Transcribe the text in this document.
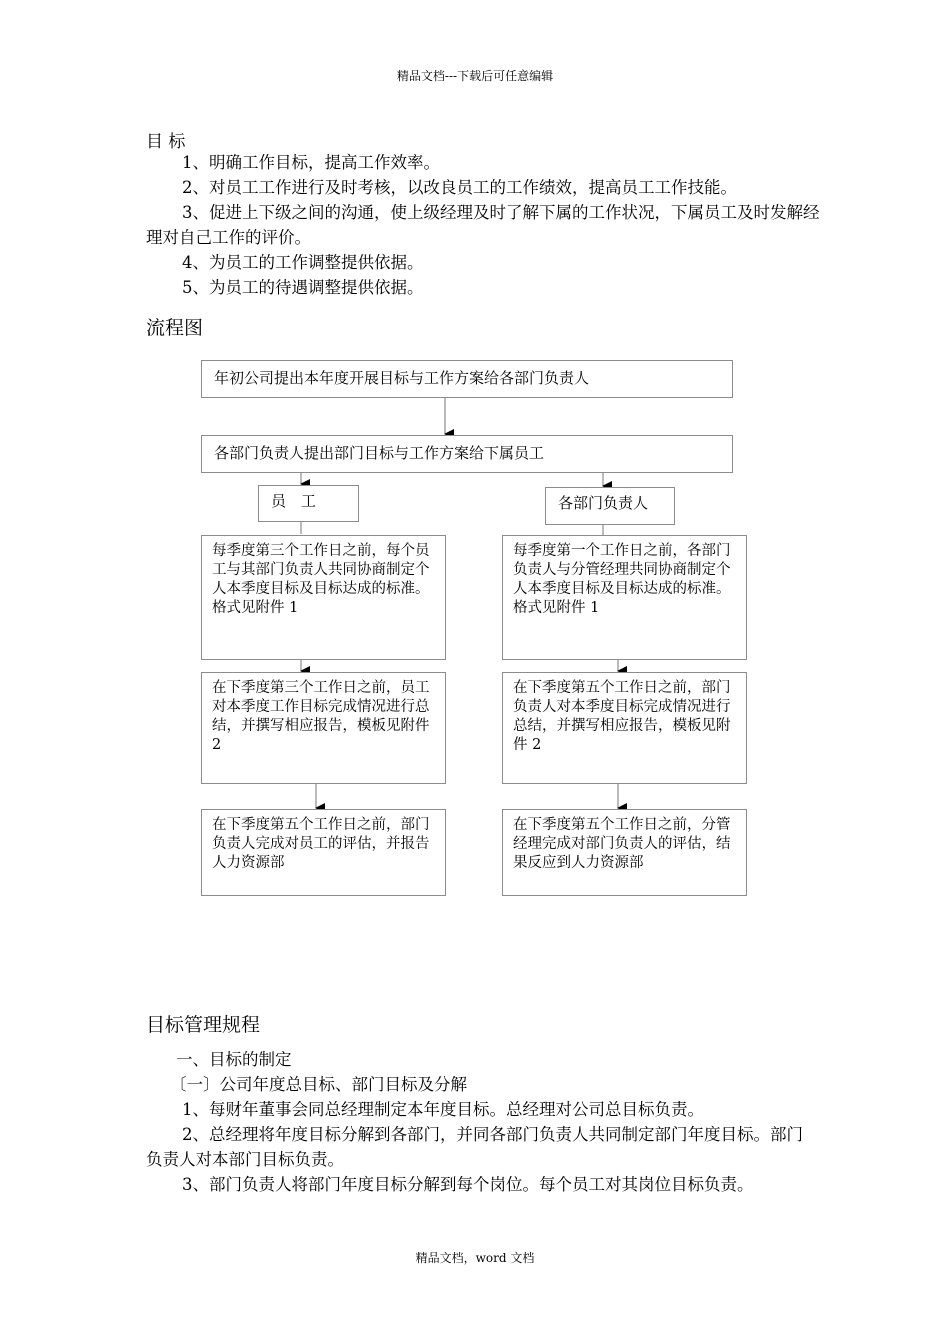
精品文档---下载后可任意编辑
目 标

1、明确工作目标，提高工作效率。

2、对员工工作进行及时考核，以改良员工的工作绩效，提高员工工作技能。

3、促进上下级之间的沟通，使上级经理及时了解下属的工作状况，下属员工及时发解经理对自己工作的评价。

4、为员工的工作调整提供依据。

5、为员工的待遇调整提供依据。

流程图
年初公司提出本年度开展目标与工作方案给各部门负责人
各部门负责人提出部门目标与工作方案给下属员工
员　工	各部门负责人
每季度第三个工作日之前，每个员工与其部门负责人共同协商制定个人本季度目标及目标达成的标准。格式见附件 1
在下季度第三个工作日之前，员工对本季度工作目标完成情况进行总结，并撰写相应报告，模板见附件 2
在下季度第五个工作日之前，部门负责人完成对员工的评估，并报告人力资源部
每季度第一个工作日之前，各部门负责人与分管经理共同协商制定个人本季度目标及目标达成的标准。格式见附件 1
在下季度第五个工作日之前，部门负责人对本季度目标完成情况进行总结，并撰写相应报告，模板见附件 2
在下季度第五个工作日之前，分管经理完成对部门负责人的评估，结果反应到人力资源部
目标管理规程

一、目标的制定

〔一〕公司年度总目标、部门目标及分解

1、每财年董事会同总经理制定本年度目标。总经理对公司总目标负责。

2、总经理将年度目标分解到各部门，并同各部门负责人共同制定部门年度目标。部门负责人对本部门目标负责。

3、部门负责人将部门年度目标分解到每个岗位。每个员工对其岗位目标负责。

精品文档，word 文档
